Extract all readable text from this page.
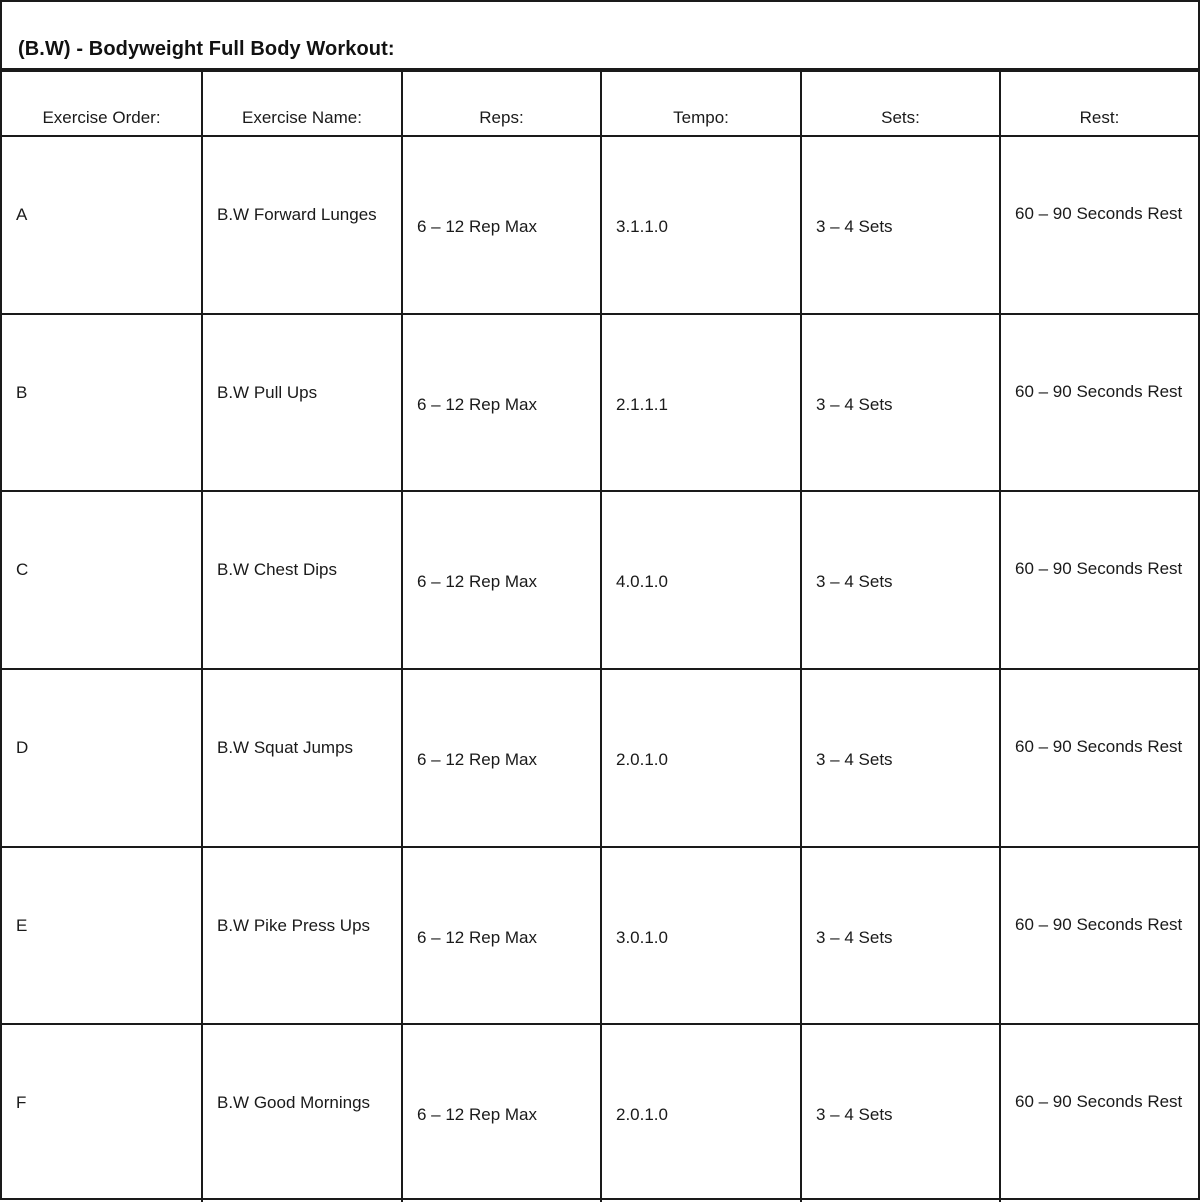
(B.W) - Bodyweight Full Body Workout:
Exercise Order:	Exercise Name:	Reps:	Tempo:	Sets:	Rest:

A	B.W Forward Lunges	6 – 12 Rep Max	3.1.1.0	3 – 4 Sets	60 – 90 Seconds Rest

B	B.W Pull Ups	6 – 12 Rep Max	2.1.1.1	3 – 4 Sets	60 – 90 Seconds Rest

C	B.W Chest Dips	6 – 12 Rep Max	4.0.1.0	3 – 4 Sets	60 – 90 Seconds Rest

D	B.W Squat Jumps	6 – 12 Rep Max	2.0.1.0	3 – 4 Sets	60 – 90 Seconds Rest

E	B.W Pike Press Ups	6 – 12 Rep Max	3.0.1.0	3 – 4 Sets	60 – 90 Seconds Rest

F	B.W Good Mornings	6 – 12 Rep Max	2.0.1.0	3 – 4 Sets	60 – 90 Seconds Rest
